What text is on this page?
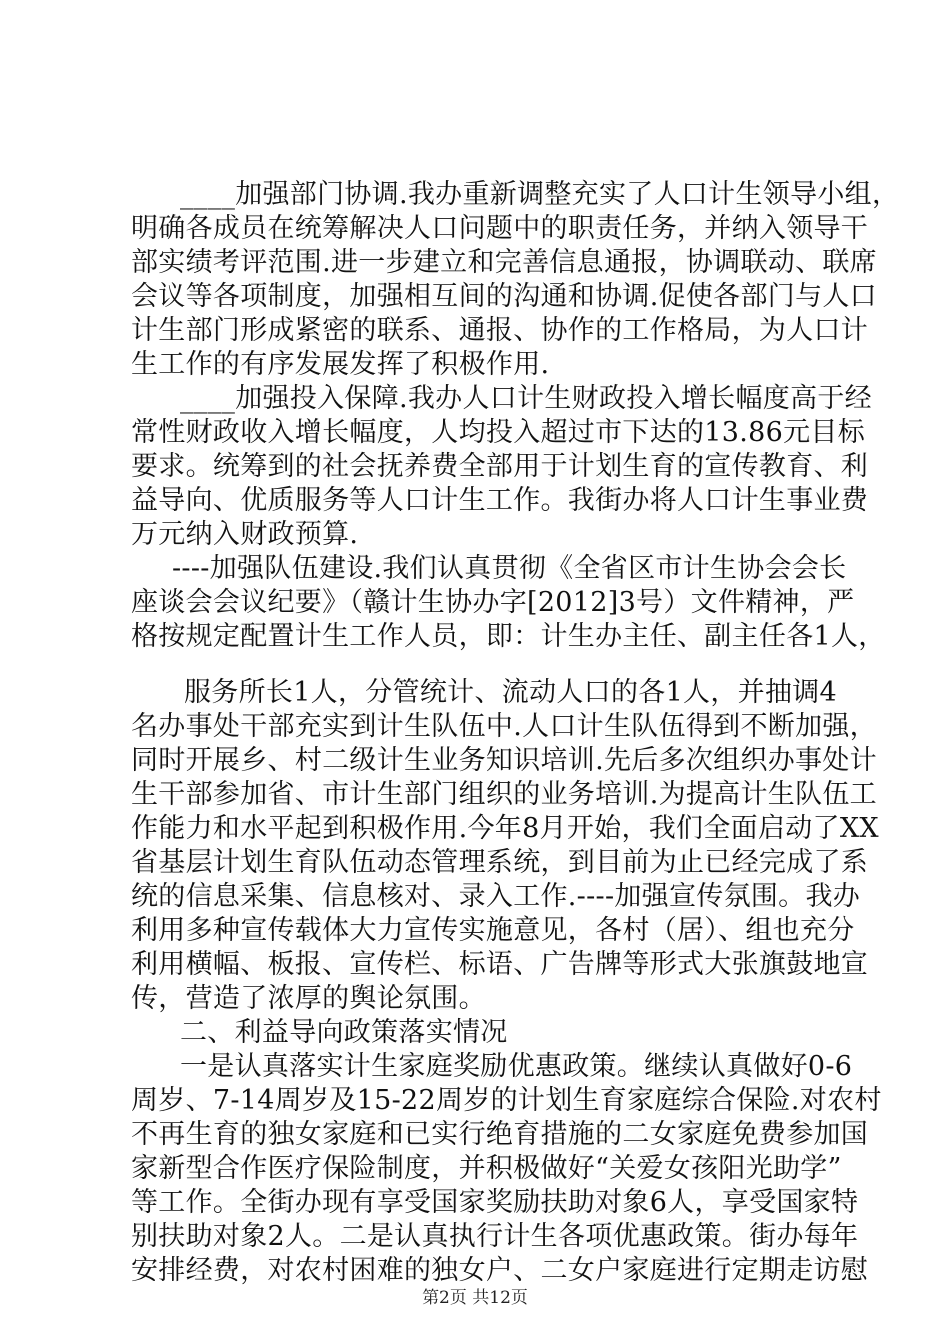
____加强部门协调.我办重新调整充实了人口计生领导小组，
明确各成员在统筹解决人口问题中的职责任务，并纳入领导干
部实绩考评范围.进一步建立和完善信息通报，协调联动、联席
会议等各项制度，加强相互间的沟通和协调.促使各部门与人口
计生部门形成紧密的联系、通报、协作的工作格局，为人口计
生工作的有序发展发挥了积极作用.
____加强投入保障.我办人口计生财政投入增长幅度高于经
常性财政收入增长幅度，人均投入超过市下达的13.86元目标
要求。统筹到的社会抚养费全部用于计划生育的宣传教育、利
益导向、优质服务等人口计生工作。我街办将人口计生事业费
万元纳入财政预算.
----加强队伍建设.我们认真贯彻《全省区市计生协会会长
座谈会会议纪要》（赣计生协办字[2012]3号）文件精神，严
格按规定配置计生工作人员，即：计生办主任、副主任各1人，
服务所长1人，分管统计、流动人口的各1人，并抽调4
名办事处干部充实到计生队伍中.人口计生队伍得到不断加强，
同时开展乡、村二级计生业务知识培训.先后多次组织办事处计
生干部参加省、市计生部门组织的业务培训.为提高计生队伍工
作能力和水平起到积极作用.今年8月开始，我们全面启动了XX
省基层计划生育队伍动态管理系统，到目前为止已经完成了系
统的信息采集、信息核对、录入工作.----加强宣传氛围。我办
利用多种宣传载体大力宣传实施意见，各村（居）、组也充分
利用横幅、板报、宣传栏、标语、广告牌等形式大张旗鼓地宣
传，营造了浓厚的舆论氛围。
二、利益导向政策落实情况
一是认真落实计生家庭奖励优惠政策。继续认真做好0-6
周岁、7-14周岁及15-22周岁的计划生育家庭综合保险.对农村
不再生育的独女家庭和已实行绝育措施的二女家庭免费参加国
家新型合作医疗保险制度，并积极做好“关爱女孩阳光助学”
等工作。全街办现有享受国家奖励扶助对象6人，享受国家特
别扶助对象2人。二是认真执行计生各项优惠政策。街办每年
安排经费，对农村困难的独女户、二女户家庭进行定期走访慰
第2页 共12页
